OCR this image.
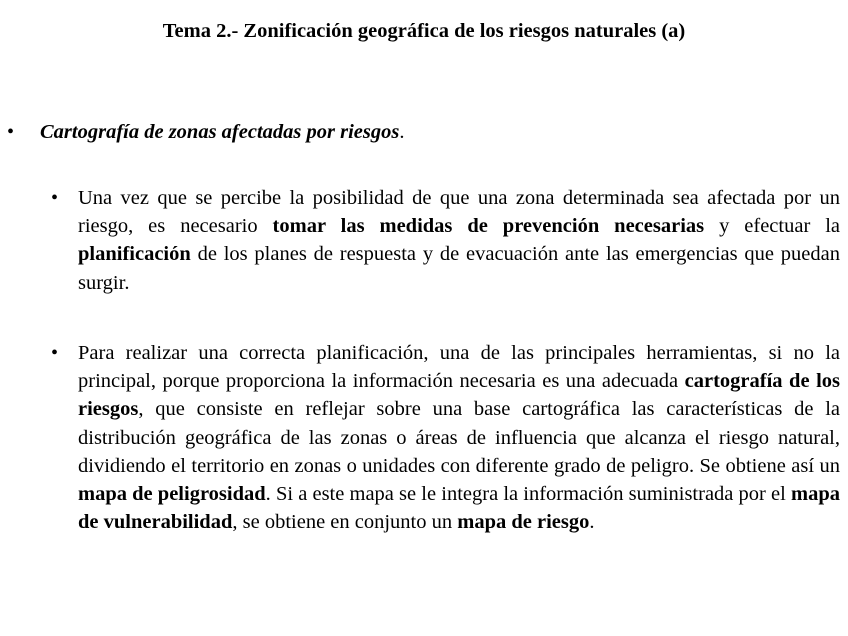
Tema 2.- Zonificación geográfica de los riesgos naturales (a)
• Cartografía de zonas afectadas por riesgos.
• Una vez que se percibe la posibilidad de que una zona determinada sea afectada por un riesgo, es necesario tomar las medidas de prevención necesarias y efectuar la planificación de los planes de respuesta y de evacuación ante las emergencias que puedan surgir.
• Para realizar una correcta planificación, una de las principales herramientas, si no la principal, porque proporciona la información necesaria es una adecuada cartografía de los riesgos, que consiste en reflejar sobre una base cartográfica las características de la distribución geográfica de las zonas o áreas de influencia que alcanza el riesgo natural, dividiendo el territorio en zonas o unidades con diferente grado de peligro. Se obtiene así un mapa de peligrosidad. Si a este mapa se le integra la información suministrada por el mapa de vulnerabilidad, se obtiene en conjunto un mapa de riesgo.
